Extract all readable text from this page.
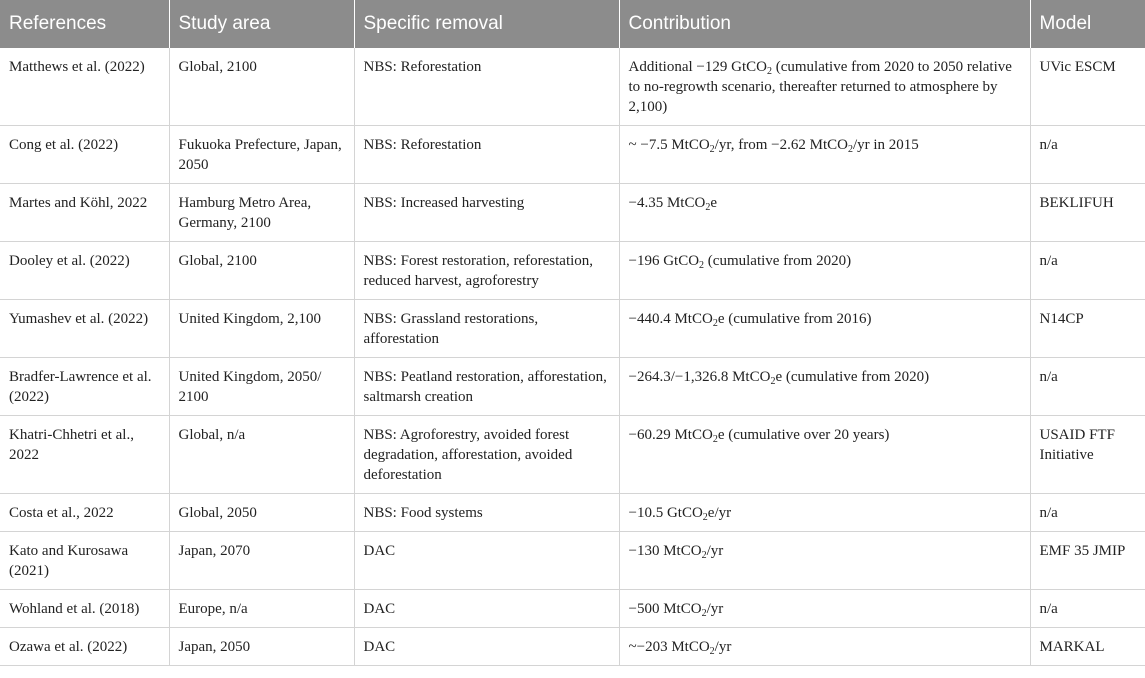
References	Study area	Specific removal	Contribution	Model
Matthews et al. (2022)	Global, 2100	NBS: Reforestation	Additional −129 GtCO$_2$ (cumulative from 2020 to 2050 relative to no-regrowth scenario, thereafter returned to atmosphere by 2,100)	UVic ESCM
Cong et al. (2022)	Fukuoka Prefecture, Japan, 2050	NBS: Reforestation	~ −7.5 MtCO$_2$/yr, from −2.62 MtCO$_2$/yr in 2015	n/a
Martes and Köhl, 2022	Hamburg Metro Area, Germany, 2100	NBS: Increased harvesting	−4.35 MtCO$_2$e	BEKLIFUH
Dooley et al. (2022)	Global, 2100	NBS: Forest restoration, reforestation, reduced harvest, agroforestry	−196 GtCO$_2$ (cumulative from 2020)	n/a
Yumashev et al. (2022)	United Kingdom, 2,100	NBS: Grassland restorations, afforestation	−440.4 MtCO$_2$e (cumulative from 2016)	N14CP
Bradfer-Lawrence et al. (2022)	United Kingdom, 2050/ 2100	NBS: Peatland restoration, afforestation, saltmarsh creation	−264.3/−1,326.8 MtCO$_2$e (cumulative from 2020)	n/a
Khatri-Chhetri et al., 2022	Global, n/a	NBS: Agroforestry, avoided forest degradation, afforestation, avoided deforestation	−60.29 MtCO$_2$e (cumulative over 20 years)	USAID FTF Initiative
Costa et al., 2022	Global, 2050	NBS: Food systems	−10.5 GtCO$_2$e/yr	n/a
Kato and Kurosawa (2021)	Japan, 2070	DAC	−130 MtCO$_2$/yr	EMF 35 JMIP
Wohland et al. (2018)	Europe, n/a	DAC	−500 MtCO$_2$/yr	n/a
Ozawa et al. (2022)	Japan, 2050	DAC	~−203 MtCO$_2$/yr	MARKAL
